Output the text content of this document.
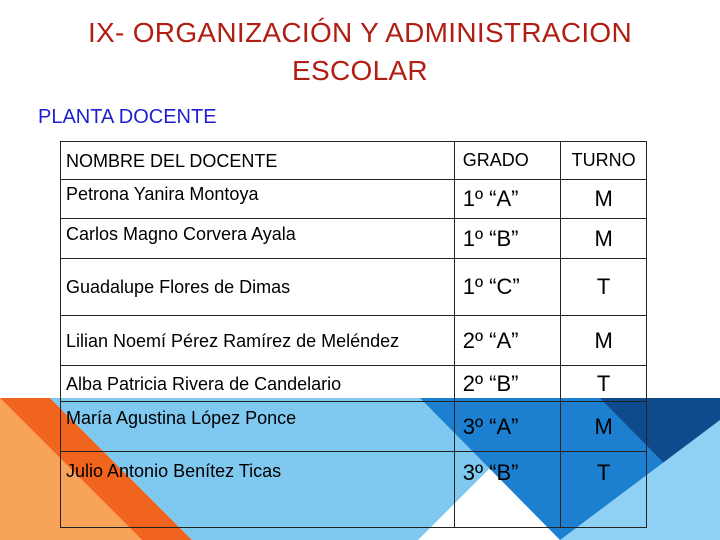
IX- ORGANIZACIÓN Y ADMINISTRACION
ESCOLAR
PLANTA DOCENTE
NOMBRE DEL DOCENTE	GRADO	TURNO
Petrona Yanira Montoya	1º “A”	M
Carlos Magno Corvera Ayala	1º “B”	M
Guadalupe Flores de Dimas	1º “C”	T
Lilian Noemí Pérez Ramírez de Meléndez	2º “A”	M
Alba Patricia Rivera de Candelario	2º “B”	T
María Agustina López Ponce	3º “A”	M
Julio Antonio Benítez Ticas	3º “B”	T
